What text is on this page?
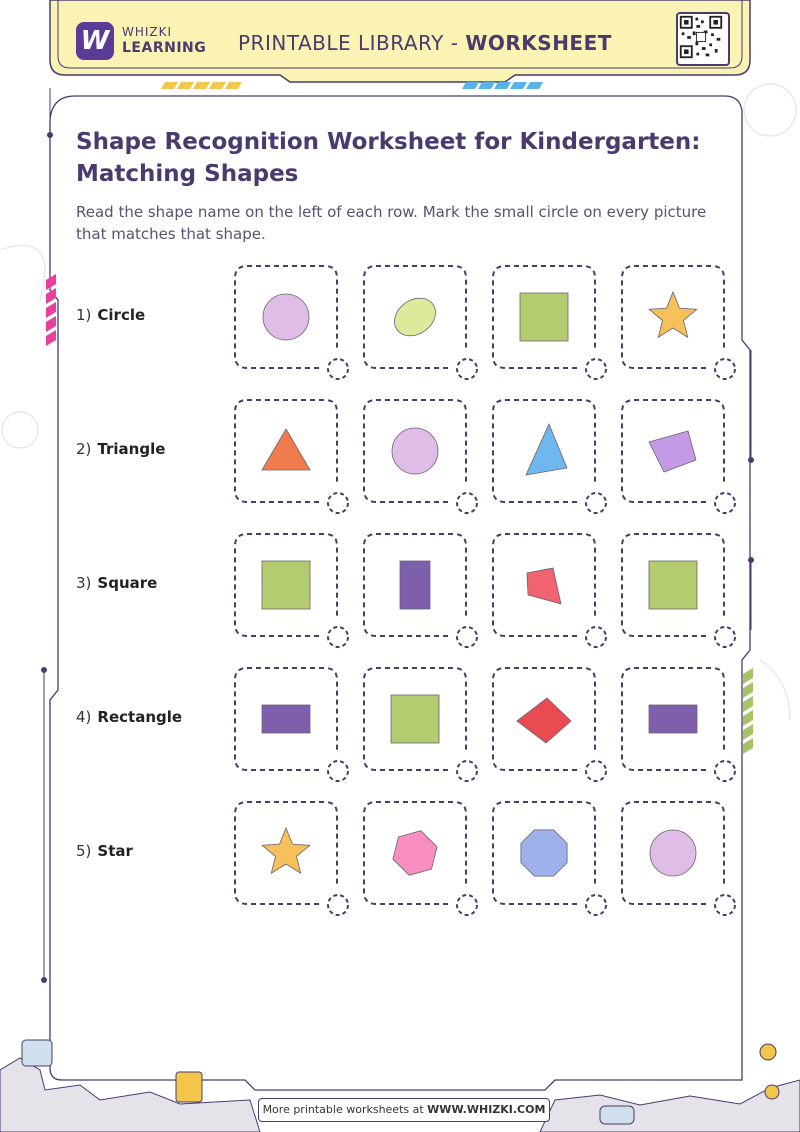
W	WHIZKI
LEARNING PRINTABLE LIBRARY - WORKSHEET
Shape Recognition Worksheet for Kindergarten: Matching Shapes

Read the shape name on the left of each row. Mark the small circle on every picture that matches that shape.

1) Circle
2) Triangle
3) Square
4) Rectangle
5) Star
More printable worksheets at WWW.WHIZKI.COM
